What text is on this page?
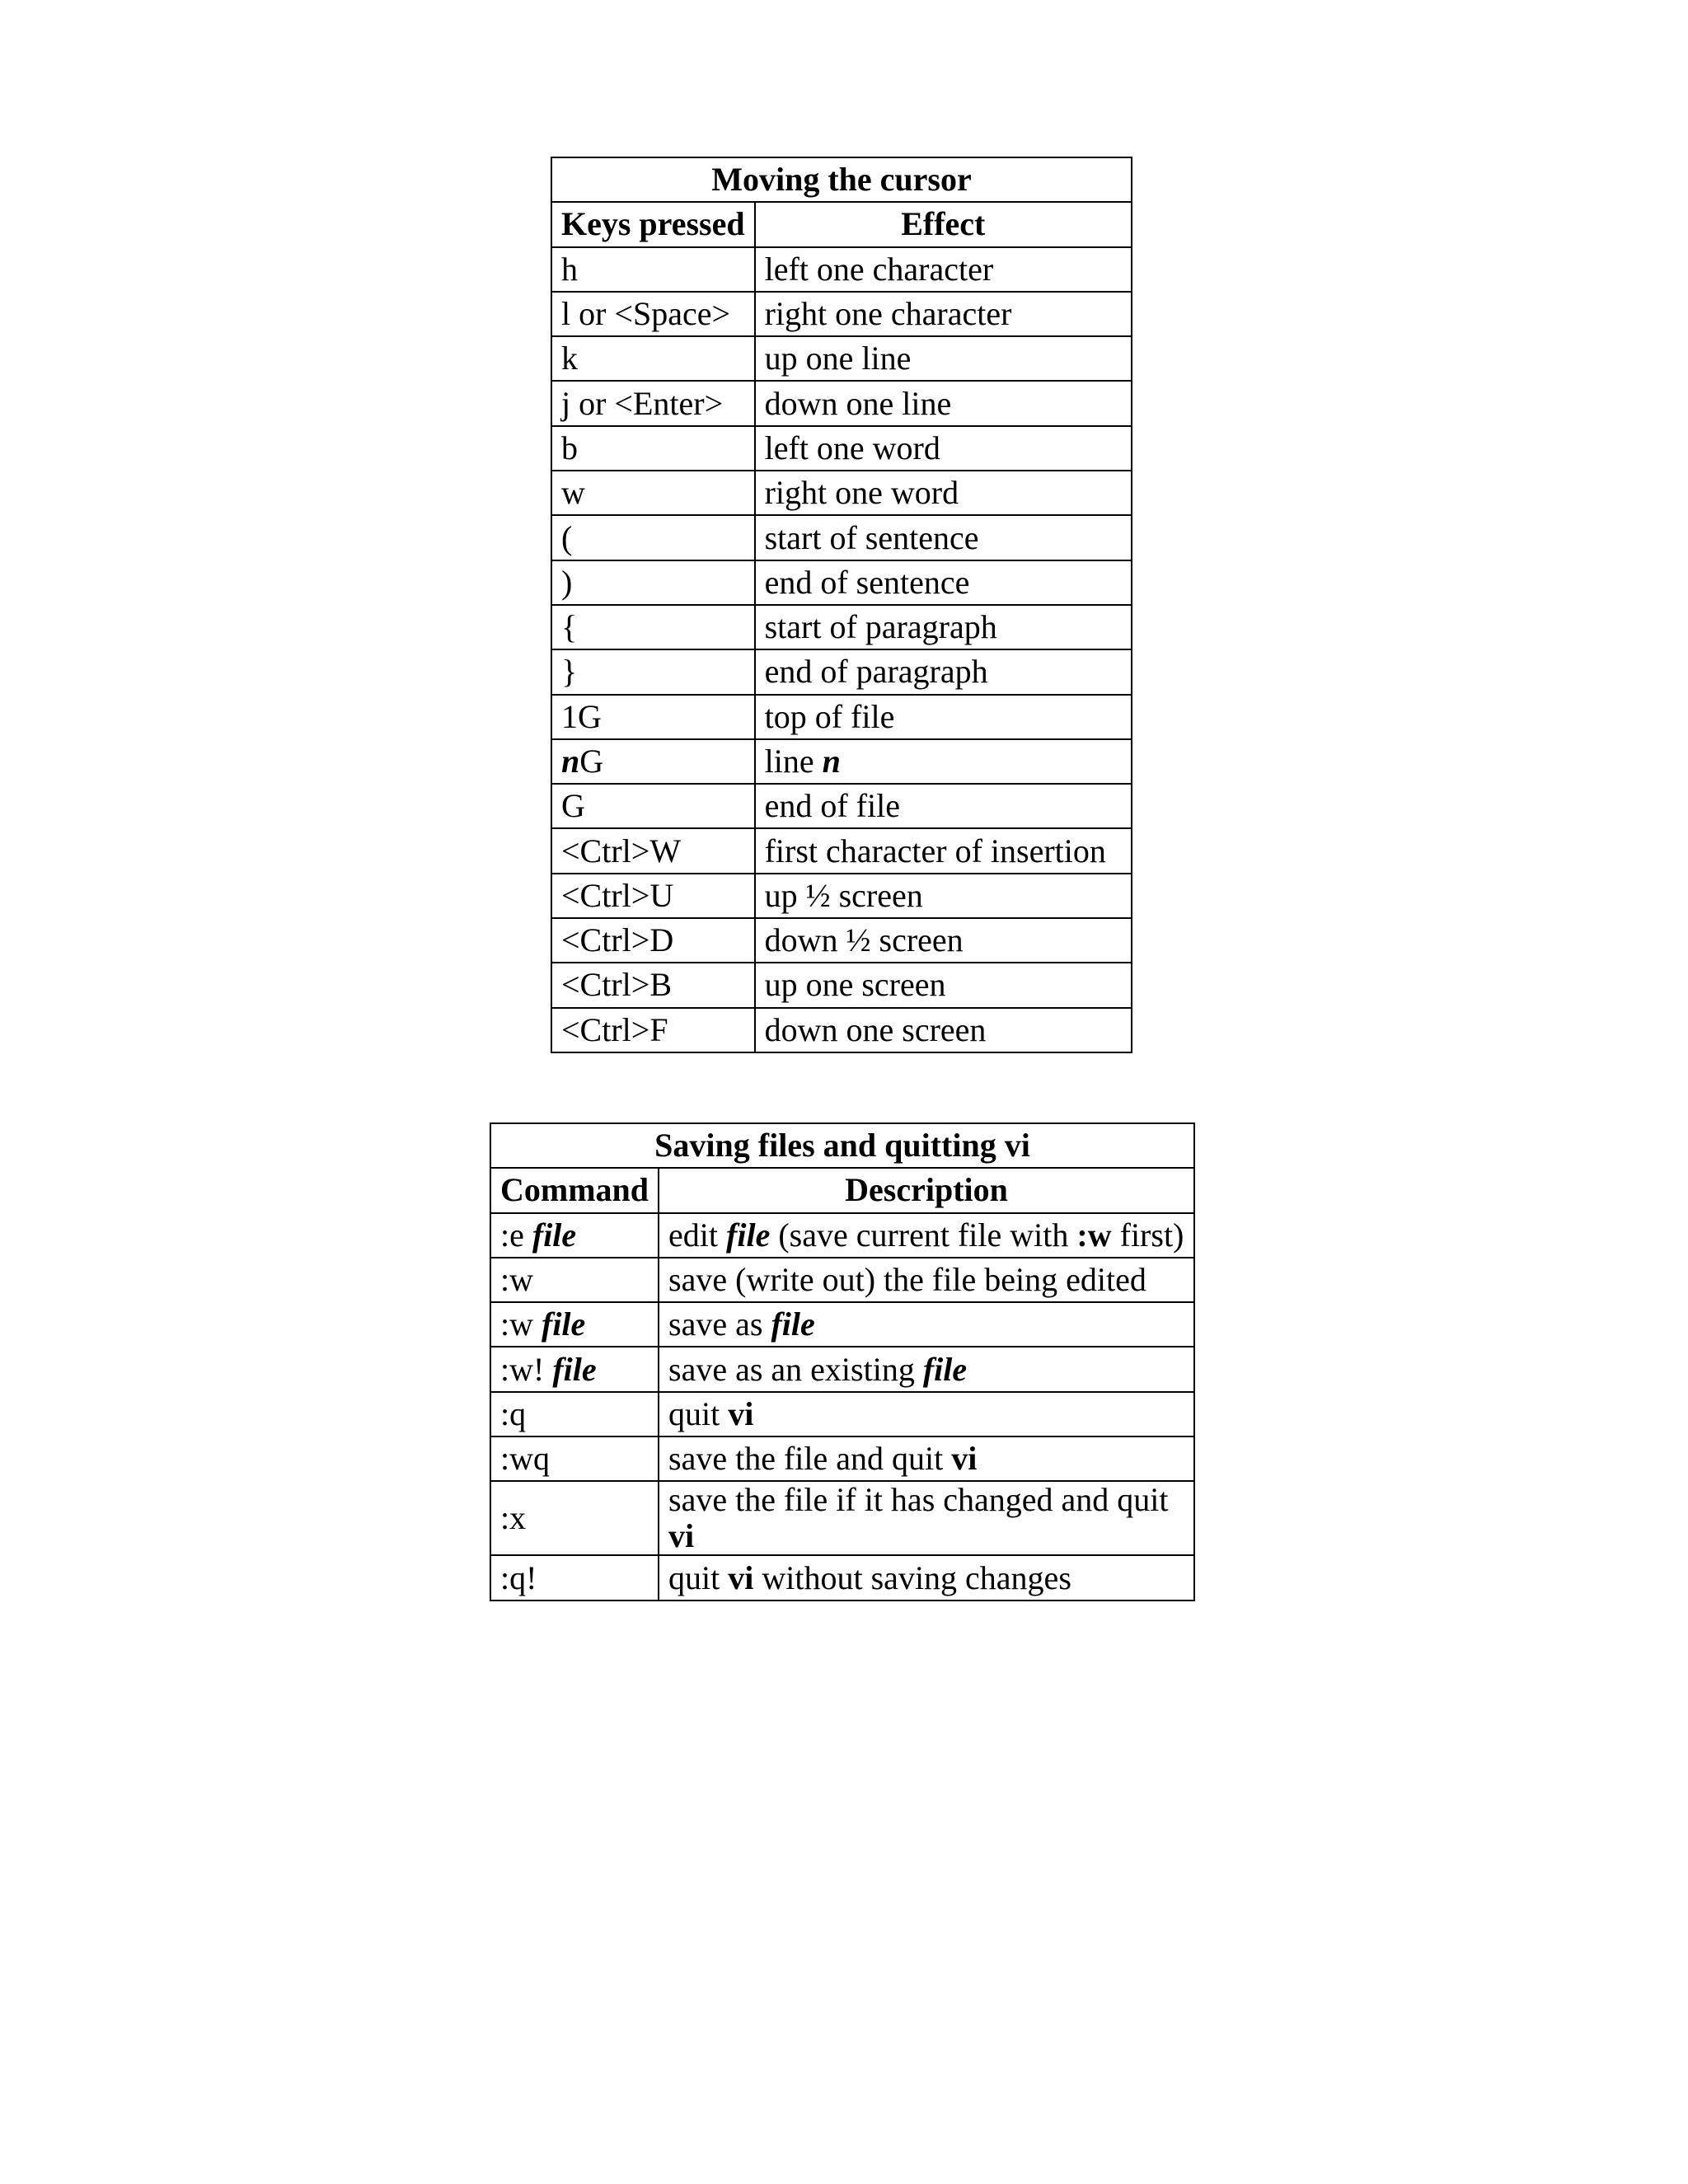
Moving the cursor	
Keys pressed	Effect
h	left one character
l or <Space>	right one character
k	up one line
j or <Enter>	down one line
b	left one word
w	right one word
(	start of sentence
)	end of sentence
{	start of paragraph
}	end of paragraph
1G	top of file
nG	line n
G	end of file
<Ctrl>W	first character of insertion
<Ctrl>U	up ½ screen
<Ctrl>D	down ½ screen
<Ctrl>B	up one screen
<Ctrl>F	down one screen
Saving files and quitting vi	
Command	Description
:e file	edit file (save current file with :w first)
:w	save (write out) the file being edited
:w file	save as file
:w! file	save as an existing file
:q	quit vi
:wq	save the file and quit vi
:x	save the file if it has changed and quit vi
:q!	quit vi without saving changes
